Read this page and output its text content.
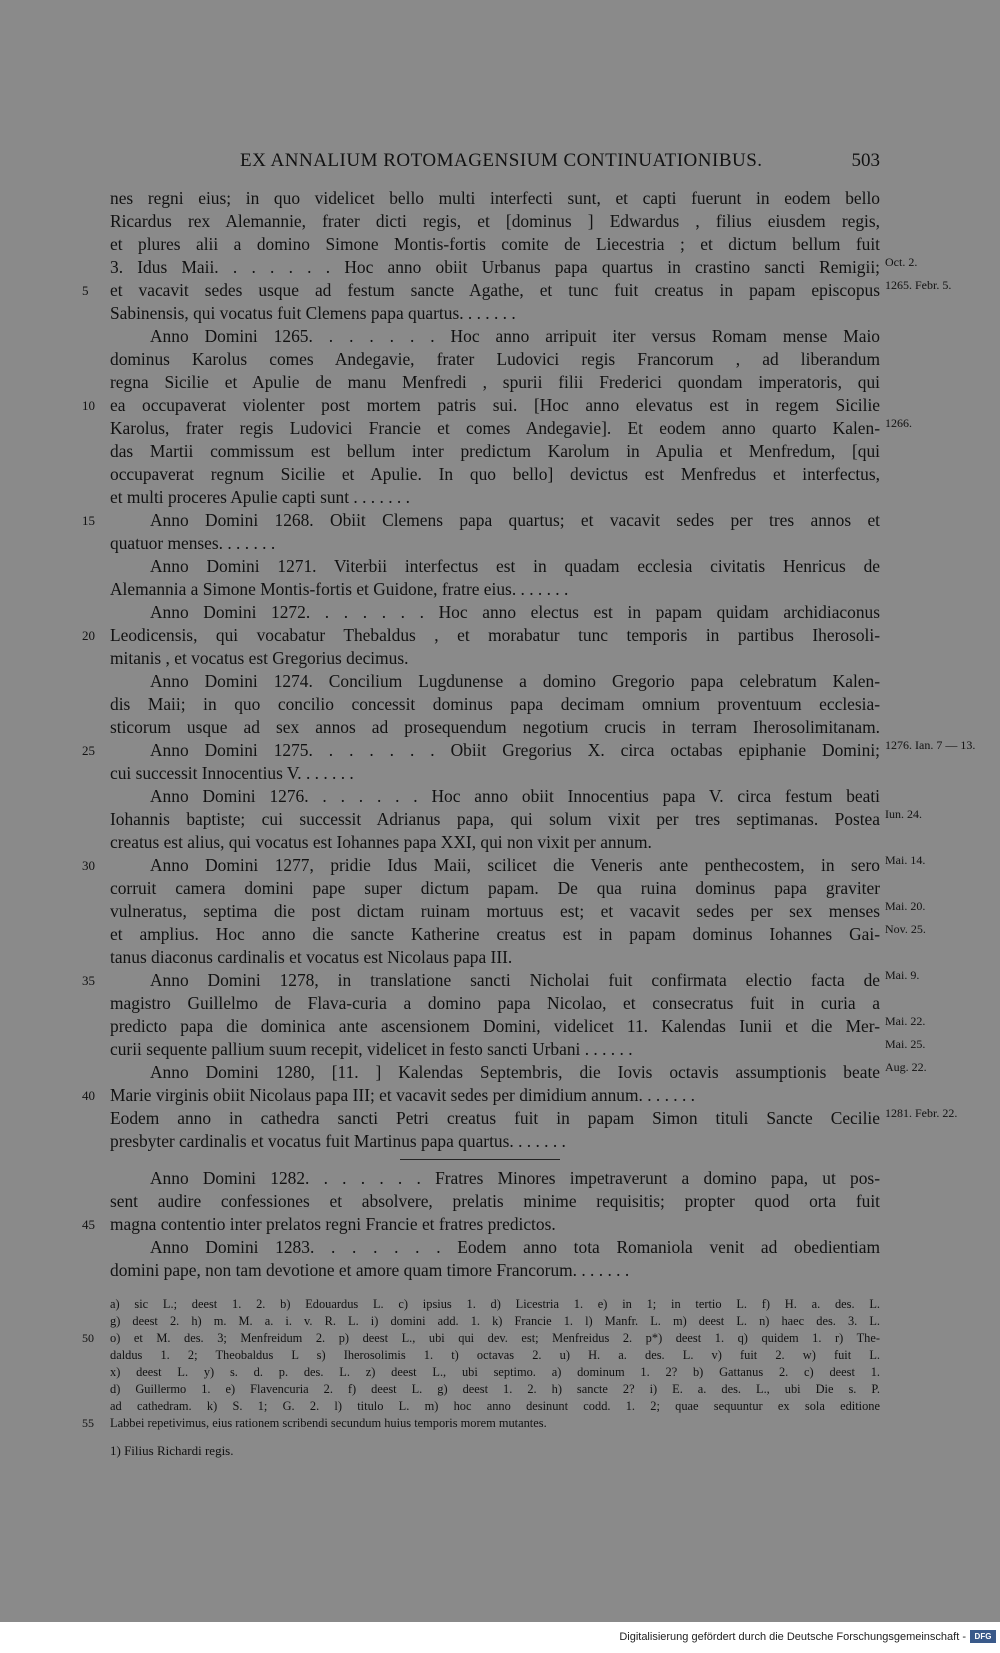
EX ANNALIUM ROTOMAGENSIUM CONTINUATIONIBUS.	503
nes regni eius; in quo videlicet bello multi interfecti sunt, et capti fuerunt in eodem bello
Ricardus rex Alemannie, frater dicti regis, et [dominus ] Edwardus , filius eiusdem regis,
et plures alii a domino Simone Montis-fortis comite de Liecestria ; et dictum bellum fuit
3. Idus Maii. . . . . . . Hoc anno obiit Urbanus papa quartus in crastino sancti Remigii; Oct. 2.
et vacavit sedes usque ad festum sancte Agathe, et tunc fuit creatus in papam episcopus
5	1265. Febr. 5.
Sabinensis, qui vocatus fuit Clemens papa quartus. . . . . . .
Anno Domini 1265. . . . . . . Hoc anno arripuit iter versus Romam mense Maio
dominus Karolus comes Andegavie, frater Ludovici regis Francorum , ad liberandum
regna Sicilie et Apulie de manu Menfredi , spurii filii Frederici quondam imperatoris, qui
ea occupaverat violenter post mortem patris sui. [Hoc anno elevatus est in regem Sicilie
10
Karolus, frater regis Ludovici Francie et comes Andegavie]. Et eodem anno quarto Kalen- 1266.
das Martii commissum est bellum inter predictum Karolum in Apulia et Menfredum, [qui
occupaverat regnum Sicilie et Apulie. In quo bello] devictus est Menfredus et interfectus,
et multi proceres Apulie capti sunt . . . . . . .
Anno Domini 1268. Obiit Clemens papa quartus; et vacavit sedes per tres annos et
15
quatuor menses. . . . . . .
Anno Domini 1271. Viterbii interfectus est in quadam ecclesia civitatis Henricus de
Alemannia a Simone Montis-fortis et Guidone, fratre eius. . . . . . .
Anno Domini 1272. . . . . . . Hoc anno electus est in papam quidam archidiaconus
Leodicensis, qui vocabatur Thebaldus , et morabatur tunc temporis in partibus Iherosoli-
20
mitanis , et vocatus est Gregorius decimus.
Anno Domini 1274. Concilium Lugdunense a domino Gregorio papa celebratum Kalen-
dis Maii; in quo concilio concessit dominus papa decimam omnium proventuum ecclesia-
sticorum usque ad sex annos ad prosequendum negotium crucis in terram Iherosolimitanam.
Anno Domini 1275. . . . . . . Obiit Gregorius X. circa octabas epiphanie Domini;
25	1276. Ian. 7 — 13.
cui successit Innocentius V. . . . . . .
Anno Domini 1276. . . . . . . Hoc anno obiit Innocentius papa V. circa festum beati
Iohannis baptiste; cui successit Adrianus papa, qui solum vixit per tres septimanas. Postea Iun. 24.
creatus est alius, qui vocatus est Iohannes papa XXI, qui non vixit per annum.
Anno Domini 1277, pridie Idus Maii, scilicet die Veneris ante penthecostem, in sero
30	Mai. 14.
corruit camera domini pape super dictum papam. De qua ruina dominus papa graviter
vulneratus, septima die post dictam ruinam mortuus est; et vacavit sedes per sex menses Mai. 20.
et amplius. Hoc anno die sancte Katherine creatus est in papam dominus Iohannes Gai- Nov. 25.
tanus diaconus cardinalis et vocatus est Nicolaus papa III.
Anno Domini 1278, in translatione sancti Nicholai fuit confirmata electio facta de
35	Mai. 9.
magistro Guillelmo de Flava-curia a domino papa Nicolao, et consecratus fuit in curia a
predicto papa die dominica ante ascensionem Domini, videlicet 11. Kalendas Iunii et die Mer- Mai. 22.
curii sequente pallium suum recepit, videlicet in festo sancti Urbani . . . . . .	Mai. 25.
Anno Domini 1280, [11. ] Kalendas Septembris, die Iovis octavis assumptionis beate Aug. 22.
Marie virginis obiit Nicolaus papa III; et vacavit sedes per dimidium annum. . . . . . .
40
Eodem anno in cathedra sancti Petri creatus fuit in papam Simon tituli Sancte Cecilie 1281. Febr. 22.
presbyter cardinalis et vocatus fuit Martinus papa quartus. . . . . . .
Anno Domini 1282. . . . . . . Fratres Minores impetraverunt a domino papa, ut pos-
sent audire confessiones et absolvere, prelatis minime requisitis; propter quod orta fuit
magna contentio inter prelatos regni Francie et fratres predictos.
45
Anno Domini 1283. . . . . . . Eodem anno tota Romaniola venit ad obedientiam
domini pape, non tam devotione et amore quam timore Francorum. . . . . . .
a) sic L.; deest 1. 2. b) Edouardus L. c) ipsius 1. d) Licestria 1. e) in 1; in tertio L. f) H. a. des. L.
g) deest 2. h) m. M. a. i. v. R. L. i) domini add. 1. k) Francie 1. l) Manfr. L. m) deest L. n) haec des. 3. L.
o) et M. des. 3; Menfreidum 2. p) deest L., ubi qui dev. est; Menfreidus 2. p*) deest 1. q) quidem 1. r) The-
50
daldus 1. 2; Theobaldus L s) Iherosolimis 1. t) octavas 2. u) H. a. des. L. v) fuit 2. w) fuit L.
x) deest L. y) s. d. p. des. L. z) deest L., ubi septimo. a) dominum 1. 2? b) Gattanus 2. c) deest 1.
d) Guillermo 1. e) Flavencuria 2. f) deest L. g) deest 1. 2. h) sancte 2? i) E. a. des. L., ubi Die s. P.
ad cathedram. k) S. 1; G. 2. l) titulo L. m) hoc anno desinunt codd. 1. 2; quae sequuntur ex sola editione
Labbei repetivimus, eius rationem scribendi secundum huius temporis morem mutantes.
55
1) Filius Richardi regis.
Digitalisierung gefördert durch die Deutsche Forschungsgemeinschaft -	DFG
